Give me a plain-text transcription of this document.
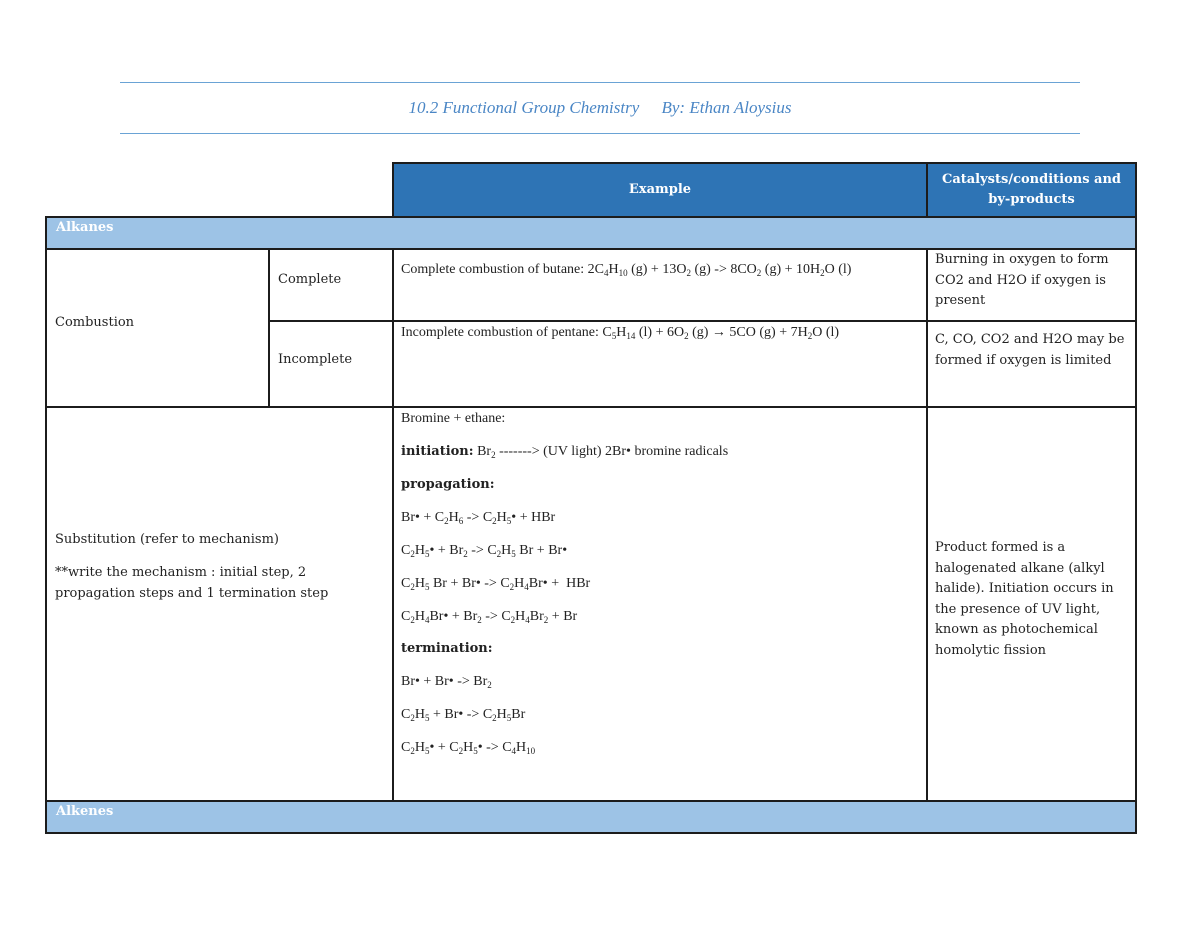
10.2 Functional Group Chemistry By: Ethan Aloysius
Example
Catalysts/conditions and by-products
Alkanes
Combustion
Complete
Complete combustion of butane: $2C_4H_{10}$ $(g) + 13O_2$ $(g) -> 8CO_2$ $(g) + 10H_2O$ (l)
Burning in oxygen to form CO2 and H2O if oxygen is present
Incomplete
Incomplete combustion of pentane: $C_5H_{14}$ $(l) + 6O_2$ (g) → 5CO $(g) + 7H_2O$ (l)	C, CO, CO2 and H2O may be formed if oxygen is limited
Substitution (refer to mechanism)
**write the mechanism : initial step, 2 propagation steps and 1 termination step
Bromine + ethane:
initiation: $Br_2$ -------> (UV light) 2Br• bromine radicals
propagation:
Br• + $C_2H_6$ -> $C_2H_5•$ + HBr
$C_2H_5• + Br_2 -> C_2H_5$ Br + Br•
$C_2H_5$ Br + Br• -> $C_2H_4Br•$ +  HBr
$C_2H_4Br• + Br_2 -> C_2H_4Br_2 + Br$
termination:
Br• + Br• -> $Br_2$
$C_2H_5$ + Br• -> $C_2H_5Br$
$C_2H_5•$ + $C_2H_5• -> C_4H_{10}$
Product formed is a halogenated alkane (alkyl halide). Initiation occurs in the presence of UV light, known as photochemical homolytic fission
Alkenes
